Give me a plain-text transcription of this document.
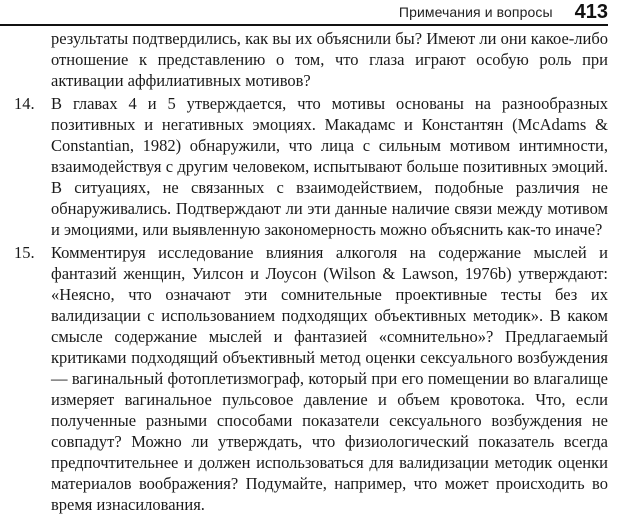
Примечания и вопросы 413

результаты подтвердились, как вы их объяснили бы? Имеют ли они какое-либо отношение к представлению о том, что глаза играют особую роль при активации аффилиативных мотивов?

14. В главах 4 и 5 утверждается, что мотивы основаны на разнообразных позитивных и негативных эмоциях. Макадамс и Константян (McAdams & Constantian, 1982) обнаружили, что лица с сильным мотивом интимности, взаимодействуя с другим человеком, испытывают больше позитивных эмоций. В ситуациях, не связанных с взаимодействием, подобные различия не обнаруживались. Подтверждают ли эти данные наличие связи между мотивом и эмоциями, или выявленную закономерность можно объяснить как-то иначе?
15. Комментируя исследование влияния алкоголя на содержание мыслей и фантазий женщин, Уилсон и Лоусон (Wilson & Lawson, 1976b) утверждают: «Неясно, что означают эти сомнительные проективные тесты без их валидизации с использованием подходящих объективных методик». В каком смысле содержание мыслей и фантазией «сомнительно»? Предлагаемый критиками подходящий объективный метод оценки сексуального возбуждения — вагинальный фотоплетизмограф, который при его помещении во влагалище измеряет вагинальное пульсовое давление и объем кровотока. Что, если полученные разными способами показатели сексуального возбуждения не совпадут? Можно ли утверждать, что физиологический показатель всегда предпочтительнее и должен использоваться для валидизации методик оценки материалов воображения? Подумайте, например, что может происходить во время изнасилования.
